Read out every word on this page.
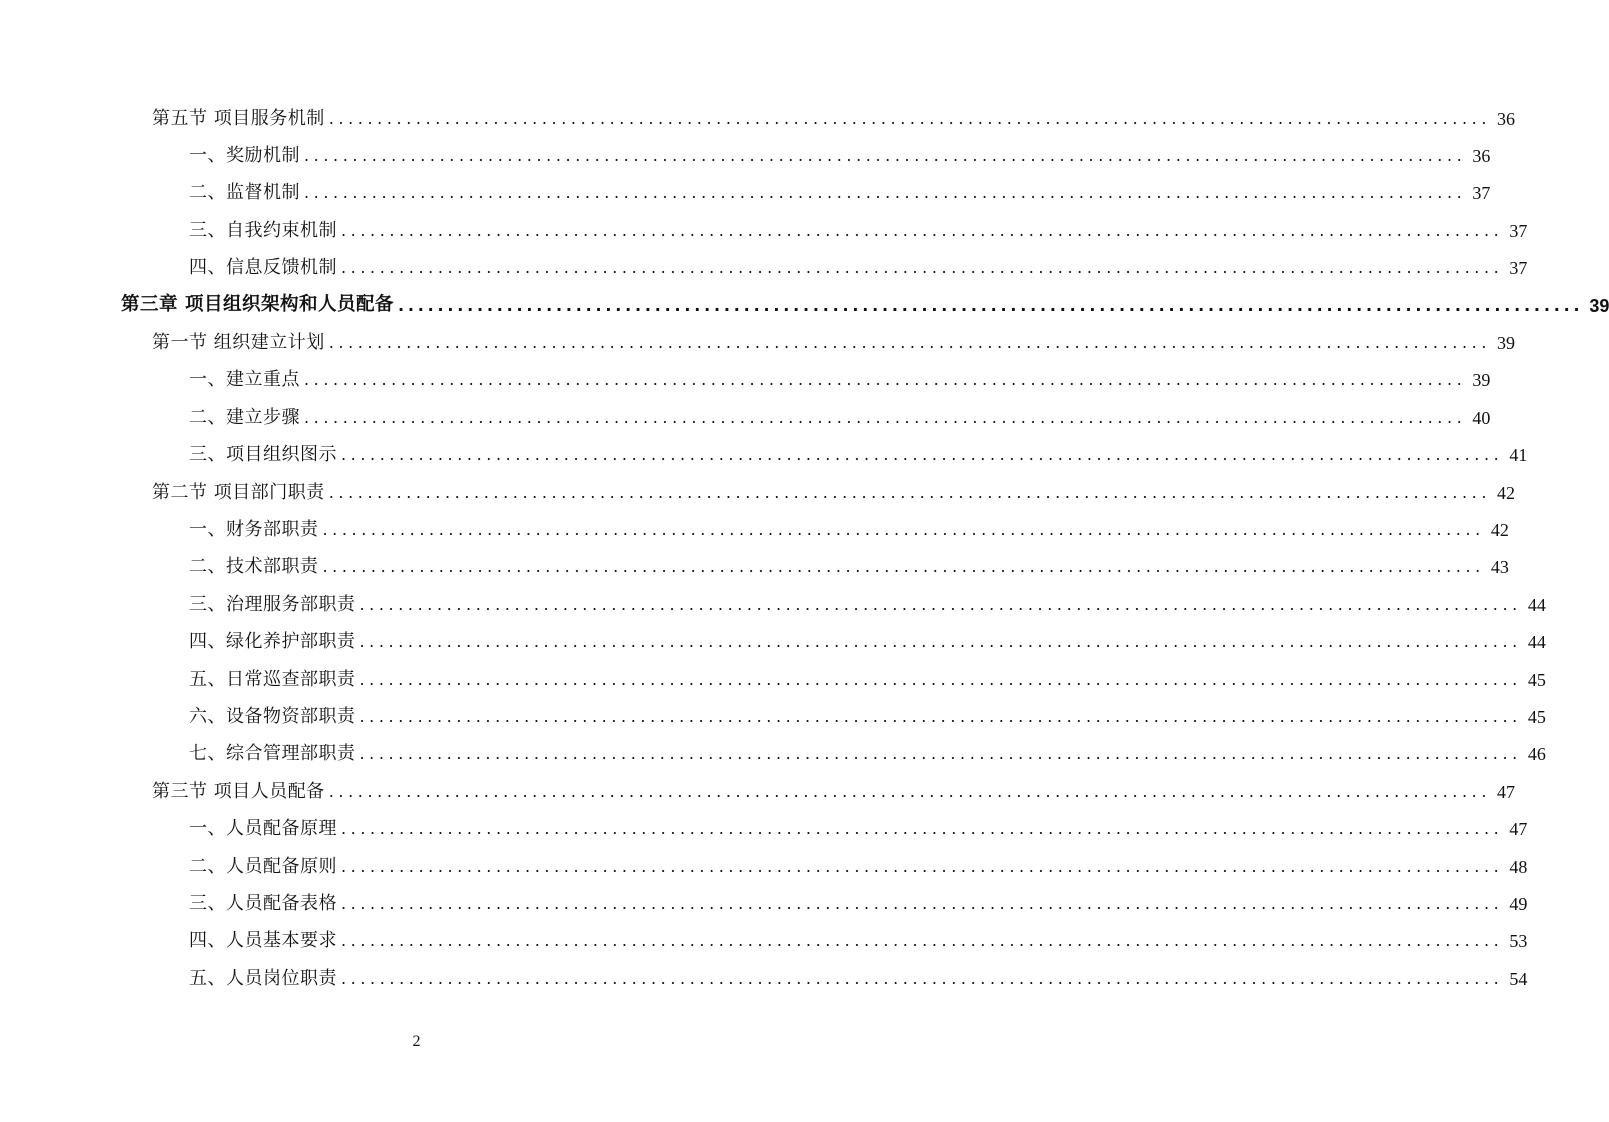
第五节 项目服务机制 ........................................................................................................................ 36
一、奖励机制 ........................................................................................................................ 36
二、监督机制 ........................................................................................................................ 37
三、自我约束机制 ........................................................................................................................ 37
四、信息反馈机制 ........................................................................................................................ 37
第三章 项目组织架构和人员配备 ........................................................................................................................ 39
第一节 组织建立计划 ........................................................................................................................ 39
一、建立重点 ........................................................................................................................ 39
二、建立步骤 ........................................................................................................................ 40
三、项目组织图示 ........................................................................................................................ 41
第二节 项目部门职责 ........................................................................................................................ 42
一、财务部职责 ........................................................................................................................ 42
二、技术部职责 ........................................................................................................................ 43
三、治理服务部职责 ........................................................................................................................ 44
四、绿化养护部职责 ........................................................................................................................ 44
五、日常巡查部职责 ........................................................................................................................ 45
六、设备物资部职责 ........................................................................................................................ 45
七、综合管理部职责 ........................................................................................................................ 46
第三节 项目人员配备 ........................................................................................................................ 47
一、人员配备原理 ........................................................................................................................ 47
二、人员配备原则 ........................................................................................................................ 48
三、人员配备表格 ........................................................................................................................ 49
四、人员基本要求 ........................................................................................................................ 53
五、人员岗位职责 ........................................................................................................................ 54
2
